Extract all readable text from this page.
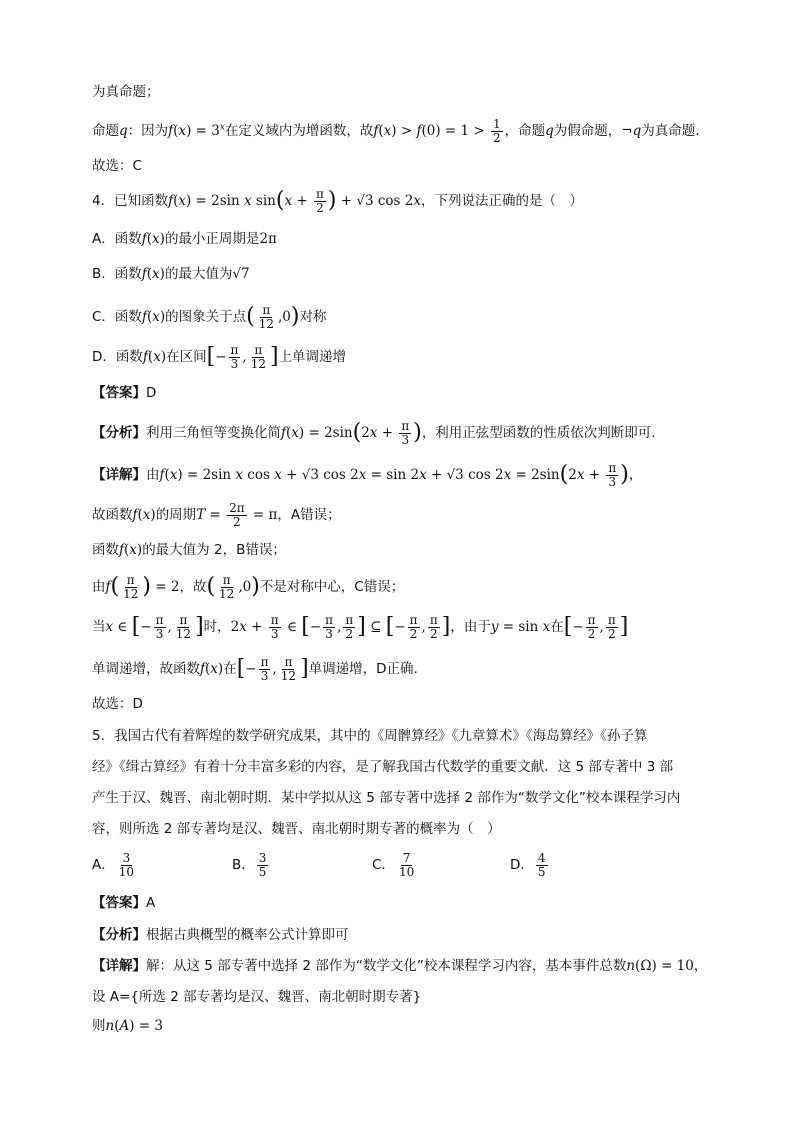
为真命题；
命题q：因为$f(x) = 3^x$在定义域内为增函数，故$f(x) > f(0) = 1 > \frac{1}{2}$ ，命题q为假命题，¬q为真命题.
故选：C
4．已知函数f(x) = 2sin x $\sin(x + \frac{\pi}{2}$ ) + √3 cos 2x，下列说法正确的是（　）
A．函数f(x)的最小正周期是2π
B．函数f(x)的最大值为√7
C．函数f(x)的图象关于点( $\frac{\pi}{12} ,0$)对称
D．函数f(x)在区间[− $\frac{\pi}{3}$ , $\frac{\pi}{12}$ ]上单调递增
【答案】D
【分析】利用三角恒等变换化简$f(x) = 2\sin(2x + \frac{\pi}{3}$ )，利用正弦型函数的性质依次判断即可.
【详解】由f(x) = 2sin x cos x + √3 cos 2x = sin 2x + √3 $\cos 2x = 2\sin(2x + \frac{\pi}{3}$ )，
故函数f(x)的周期$T = \frac{2\pi}{2} = \pi$，A错误；
函数f(x)的最大值为 2，B错误；
由$f( \frac{\pi}{12}$ ) = 2，故( $\frac{\pi}{12} ,0$)不是对称中心，C错误；
当x ∈ [− $\frac{\pi}{3}$ , $\frac{\pi}{12}$ ]时，$2x + \frac{\pi}{3}$ ∈ [− $\frac{\pi}{3}$ , $\frac{\pi}{2}$ ] ⊆ [− $\frac{\pi}{2}$ , $\frac{\pi}{2}$ ]，由于y = sin x在[− $\frac{\pi}{2}$ , $\frac{\pi}{2}$ ]
单调递增，故函数f(x)在[− $\frac{\pi}{3}$ , $\frac{\pi}{12}$ ]单调递增，D正确.
故选：D
5．我国古代有着辉煌的数学研究成果，其中的《周髀算经》《九章算术》《海岛算经》《孙子算
经》《缉古算经》有着十分丰富多彩的内容，是了解我国古代数学的重要文献．这 5 部专著中 3 部
产生于汉、魏晋、南北朝时期．某中学拟从这 5 部专著中选择 2 部作为“数学文化”校本课程学习内
容，则所选 2 部专著均是汉、魏晋、南北朝时期专著的概率为（　）
A． $\frac{3}{10}$	B． $\frac{3}{5}$	C． $\frac{7}{10}$	D． $\frac{4}{5}$
【答案】A
【分析】根据古典概型的概率公式计算即可
【详解】解：从这 5 部专著中选择 2 部作为“数学文化”校本课程学习内容，基本事件总数n(Ω) = 10，
设 A={所选 2 部专著均是汉、魏晋、南北朝时期专著}
则n(A) = 3
